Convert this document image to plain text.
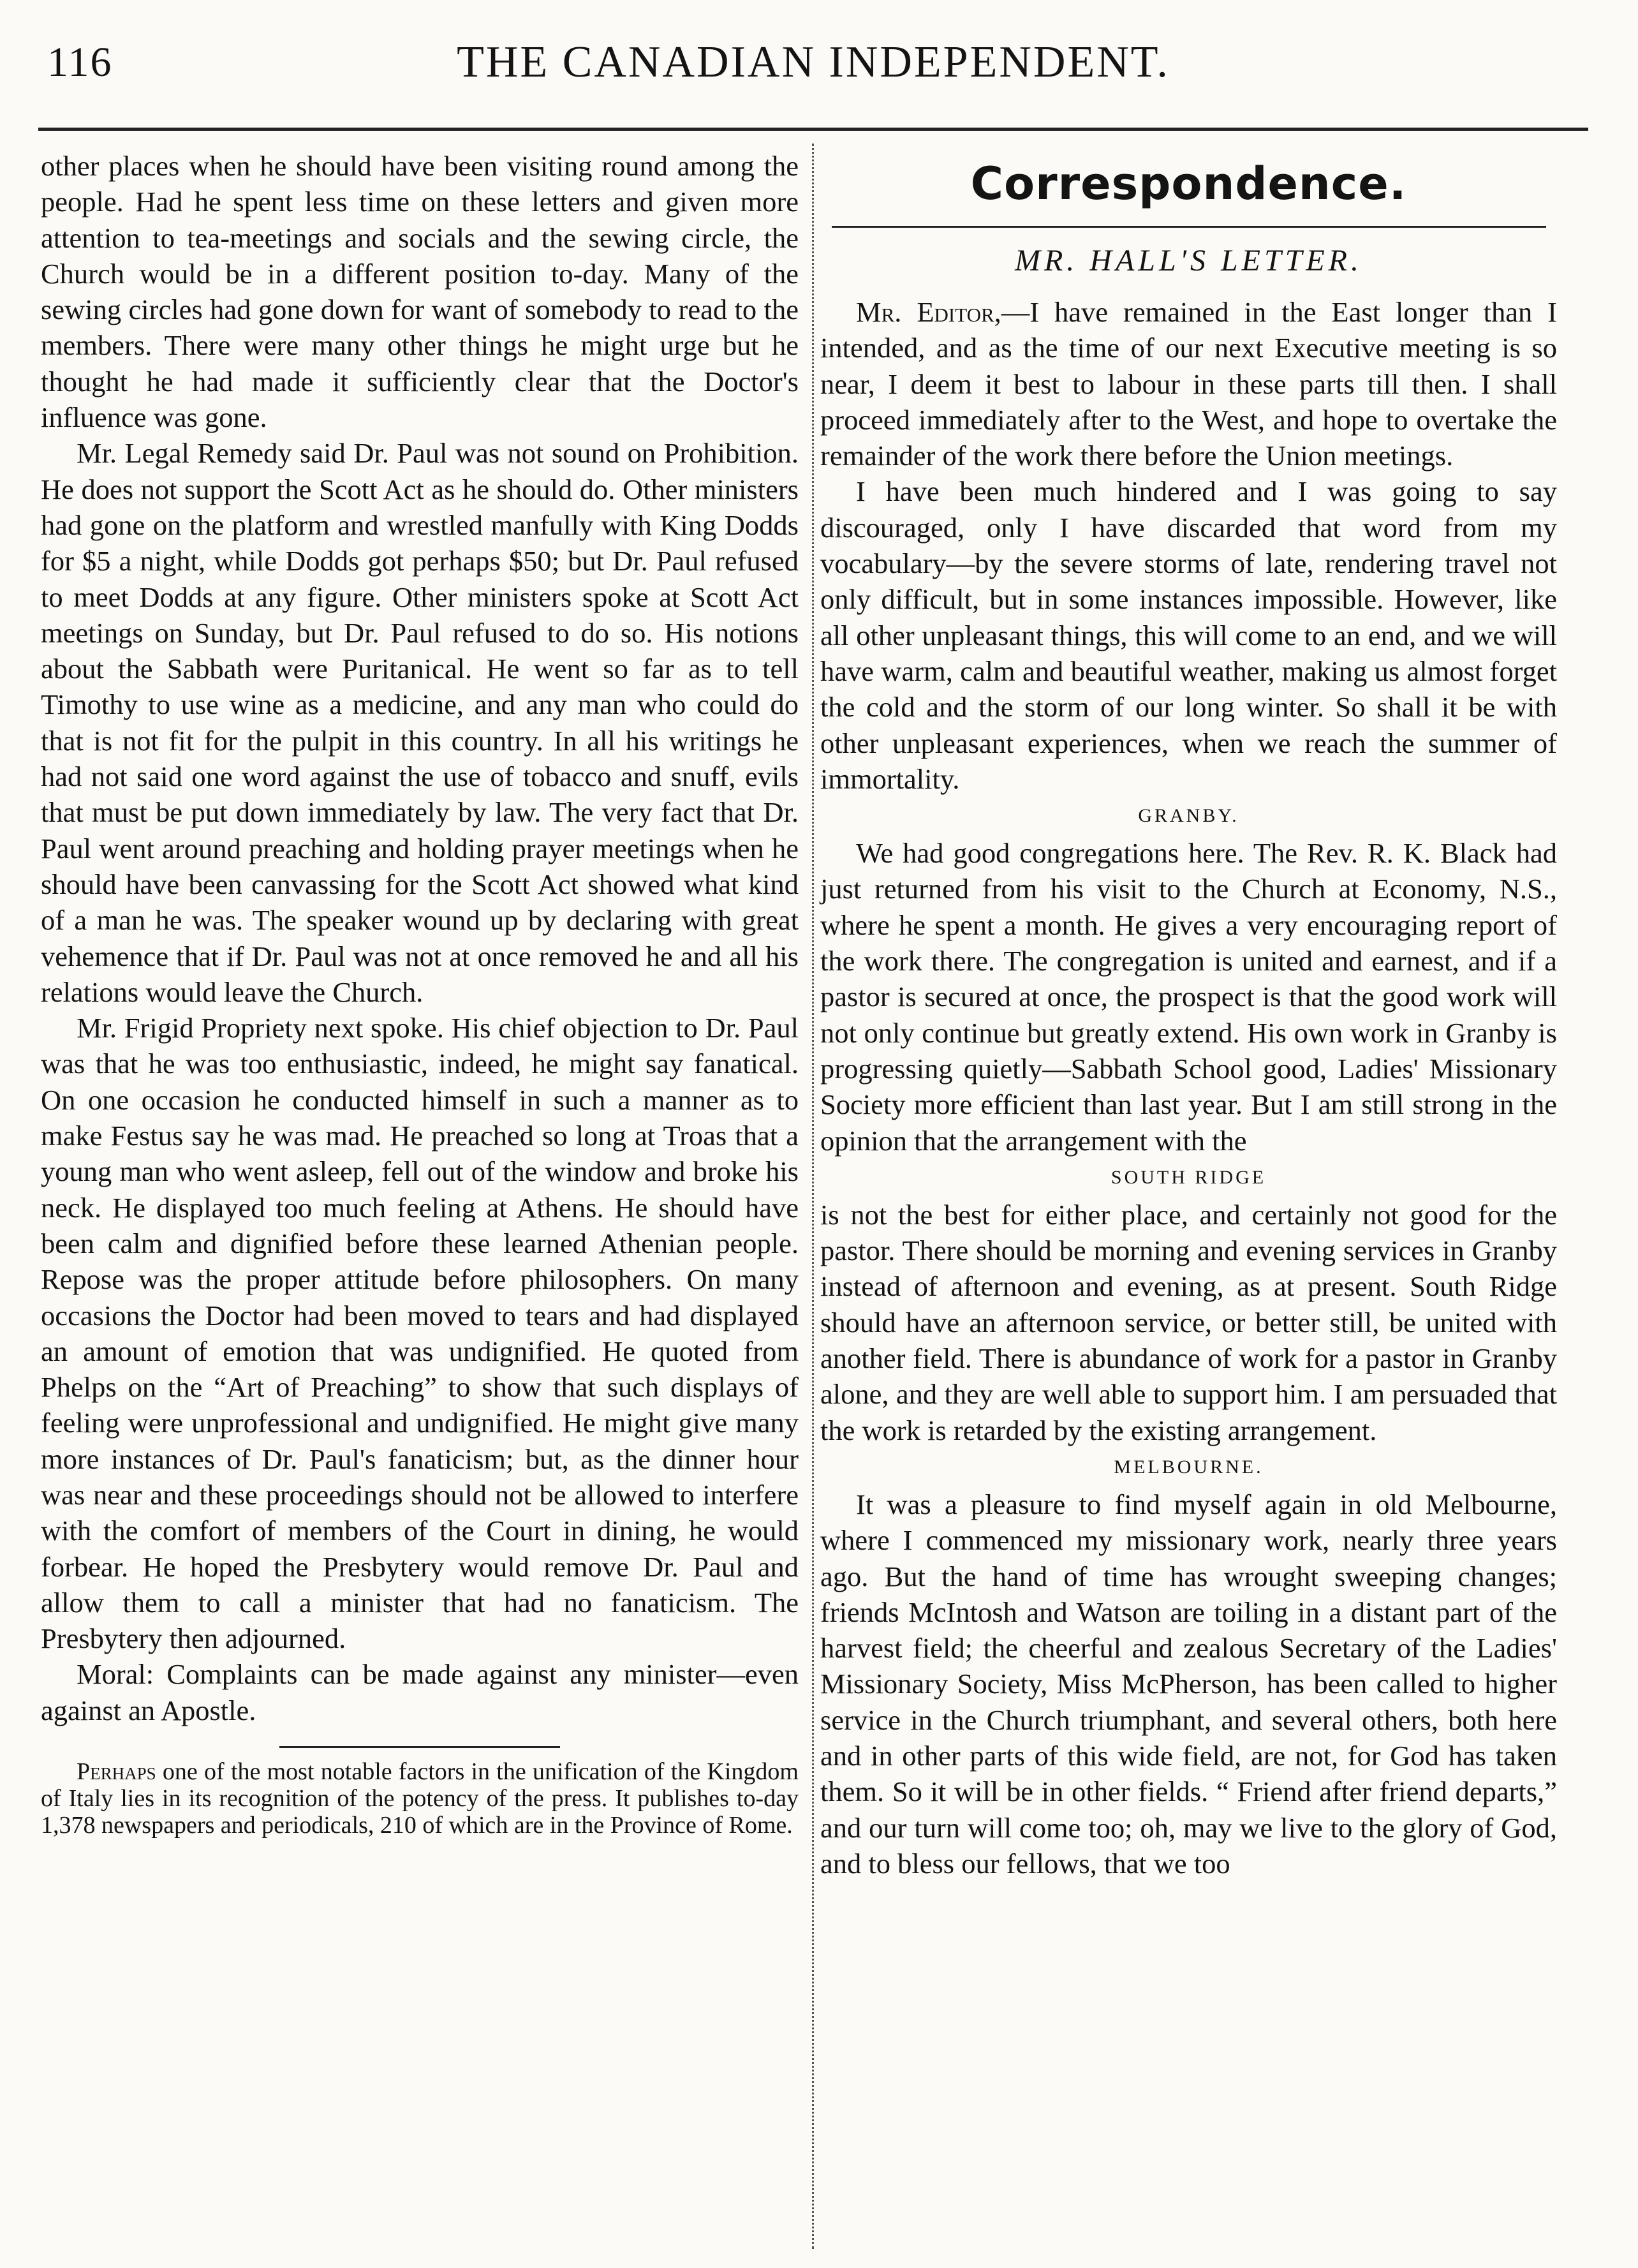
116	THE CANADIAN INDEPENDENT.

other places when he should have been visiting round among the people. Had he spent less time on these letters and given more attention to tea-meetings and socials and the sewing circle, the Church would be in a different position to-day. Many of the sewing circles had gone down for want of somebody to read to the members. There were many other things he might urge but he thought he had made it sufficiently clear that the Doctor's influence was gone.

Mr. Legal Remedy said Dr. Paul was not sound on Prohibition. He does not support the Scott Act as he should do. Other ministers had gone on the platform and wrestled manfully with King Dodds for $5 a night, while Dodds got perhaps $50; but Dr. Paul refused to meet Dodds at any figure. Other ministers spoke at Scott Act meetings on Sunday, but Dr. Paul refused to do so. His notions about the Sabbath were Puritanical. He went so far as to tell Timothy to use wine as a medicine, and any man who could do that is not fit for the pulpit in this country. In all his writings he had not said one word against the use of tobacco and snuff, evils that must be put down immediately by law. The very fact that Dr. Paul went around preaching and holding prayer meetings when he should have been canvassing for the Scott Act showed what kind of a man he was. The speaker wound up by declaring with great vehemence that if Dr. Paul was not at once removed he and all his relations would leave the Church.

Mr. Frigid Propriety next spoke. His chief objection to Dr. Paul was that he was too enthusiastic, indeed, he might say fanatical. On one occasion he conducted himself in such a manner as to make Festus say he was mad. He preached so long at Troas that a young man who went asleep, fell out of the window and broke his neck. He displayed too much feeling at Athens. He should have been calm and dignified before these learned Athenian people. Repose was the proper attitude before philosophers. On many occasions the Doctor had been moved to tears and had displayed an amount of emotion that was undignified. He quoted from Phelps on the “Art of Preaching” to show that such displays of feeling were unprofessional and undignified. He might give many more instances of Dr. Paul's fanaticism; but, as the dinner hour was near and these proceedings should not be allowed to interfere with the comfort of members of the Court in dining, he would forbear. He hoped the Presbytery would remove Dr. Paul and allow them to call a minister that had no fanaticism. The Presbytery then adjourned.

Moral: Complaints can be made against any minister—even against an Apostle.

Perhaps one of the most notable factors in the unification of the Kingdom of Italy lies in its recognition of the potency of the press. It publishes to-day 1,378 newspapers and periodicals, 210 of which are in the Province of Rome.

Correspondence.
MR. HALL'S LETTER.

Mr. Editor,—I have remained in the East longer than I intended, and as the time of our next Executive meeting is so near, I deem it best to labour in these parts till then. I shall proceed immediately after to the West, and hope to overtake the remainder of the work there before the Union meetings.

I have been much hindered and I was going to say discouraged, only I have discarded that word from my vocabulary—by the severe storms of late, rendering travel not only difficult, but in some instances impossible. However, like all other unpleasant things, this will come to an end, and we will have warm, calm and beautiful weather, making us almost forget the cold and the storm of our long winter. So shall it be with other unpleasant experiences, when we reach the summer of immortality.

GRANBY.

We had good congregations here. The Rev. R. K. Black had just returned from his visit to the Church at Economy, N.S., where he spent a month. He gives a very encouraging report of the work there. The congregation is united and earnest, and if a pastor is secured at once, the prospect is that the good work will not only continue but greatly extend. His own work in Granby is progressing quietly—Sabbath School good, Ladies' Missionary Society more efficient than last year. But I am still strong in the opinion that the arrangement with the

SOUTH RIDGE

is not the best for either place, and certainly not good for the pastor. There should be morning and evening services in Granby instead of afternoon and evening, as at present. South Ridge should have an afternoon service, or better still, be united with another field. There is abundance of work for a pastor in Granby alone, and they are well able to support him. I am persuaded that the work is retarded by the existing arrangement.

MELBOURNE.

It was a pleasure to find myself again in old Melbourne, where I commenced my missionary work, nearly three years ago. But the hand of time has wrought sweeping changes; friends McIntosh and Watson are toiling in a distant part of the harvest field; the cheerful and zealous Secretary of the Ladies' Missionary Society, Miss McPherson, has been called to higher service in the Church triumphant, and several others, both here and in other parts of this wide field, are not, for God has taken them. So it will be in other fields. “ Friend after friend departs,” and our turn will come too; oh, may we live to the glory of God, and to bless our fellows, that we too
